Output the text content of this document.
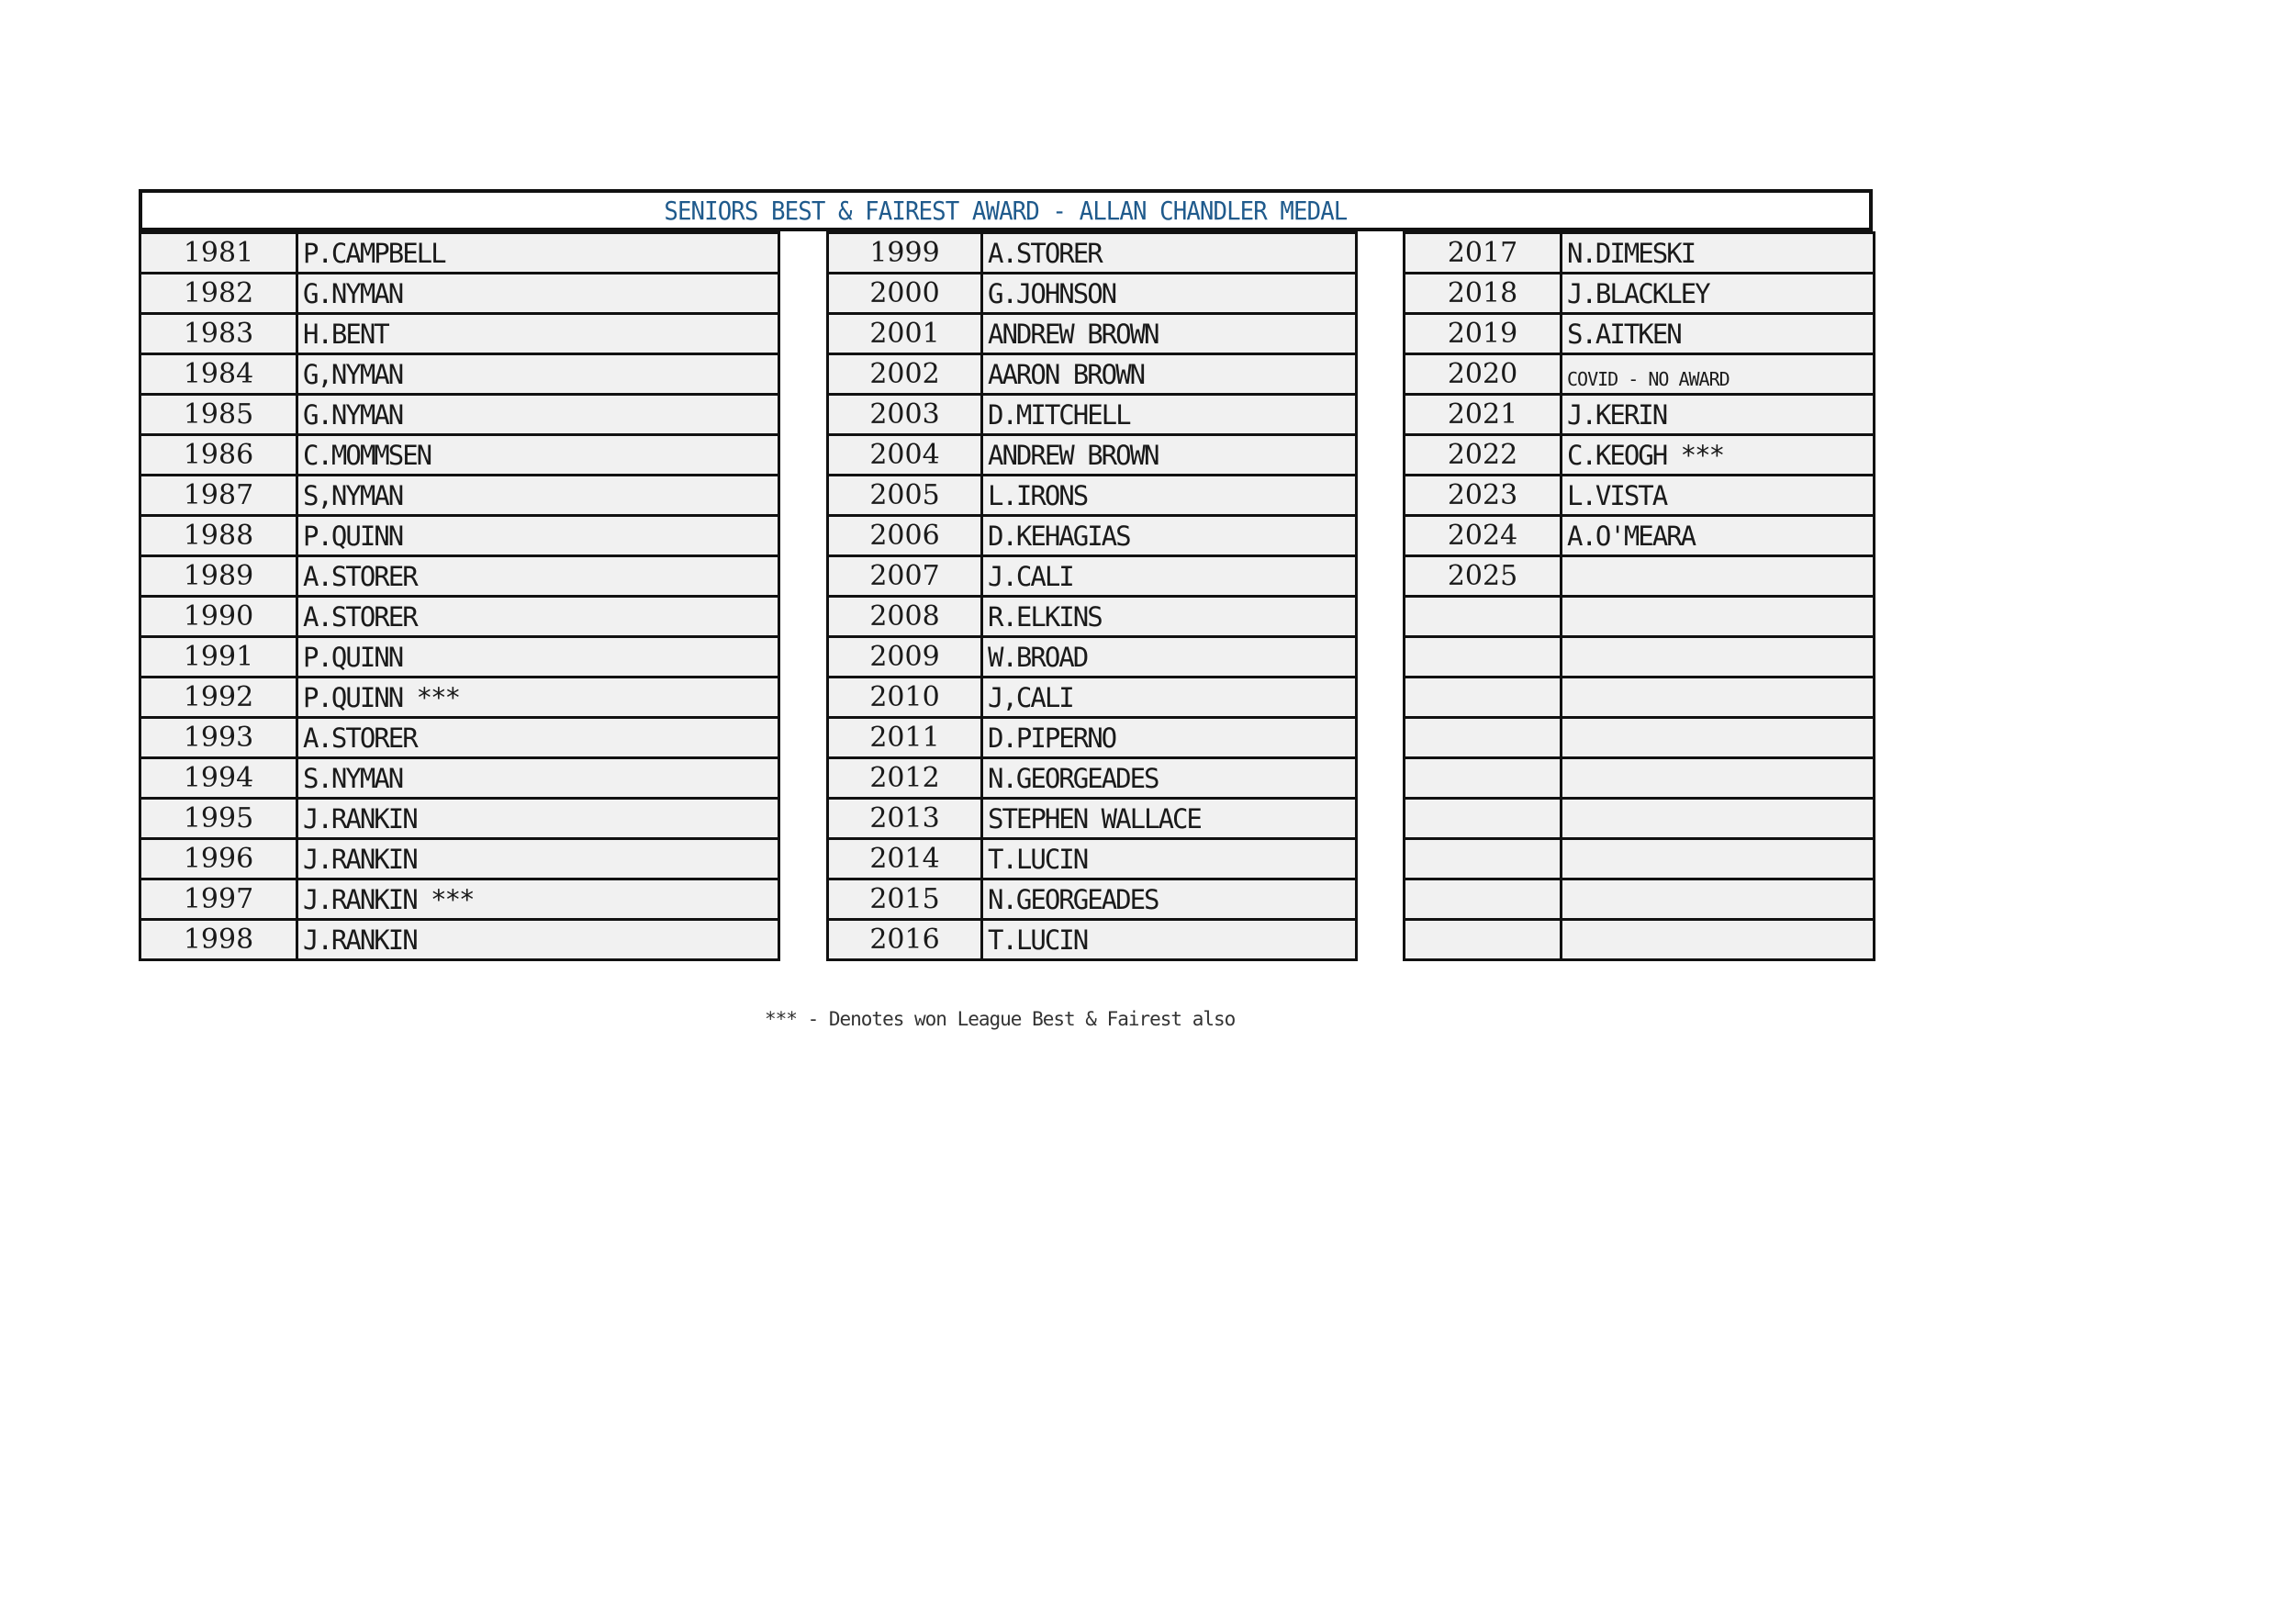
SENIORS BEST & FAIREST AWARD - ALLAN CHANDLER MEDAL
1981	P.CAMPBELL
1982	G.NYMAN
1983	H.BENT
1984	G,NYMAN
1985	G.NYMAN
1986	C.MOMMSEN
1987	S,NYMAN
1988	P.QUINN
1989	A.STORER
1990	A.STORER
1991	P.QUINN
1992	P.QUINN ***
1993	A.STORER
1994	S.NYMAN
1995	J.RANKIN
1996	J.RANKIN
1997	J.RANKIN ***
1998	J.RANKIN
1999	A.STORER
2000	G.JOHNSON
2001	ANDREW BROWN
2002	AARON BROWN
2003	D.MITCHELL
2004	ANDREW BROWN
2005	L.IRONS
2006	D.KEHAGIAS
2007	J.CALI
2008	R.ELKINS
2009	W.BROAD
2010	J,CALI
2011	D.PIPERNO
2012	N.GEORGEADES
2013	STEPHEN WALLACE
2014	T.LUCIN
2015	N.GEORGEADES
2016	T.LUCIN
2017	N.DIMESKI
2018	J.BLACKLEY
2019	S.AITKEN
2020	COVID - NO AWARD
2021	J.KERIN
2022	C.KEOGH ***
2023	L.VISTA
2024	A.O'MEARA
2025	

*** - Denotes won League Best & Fairest also
